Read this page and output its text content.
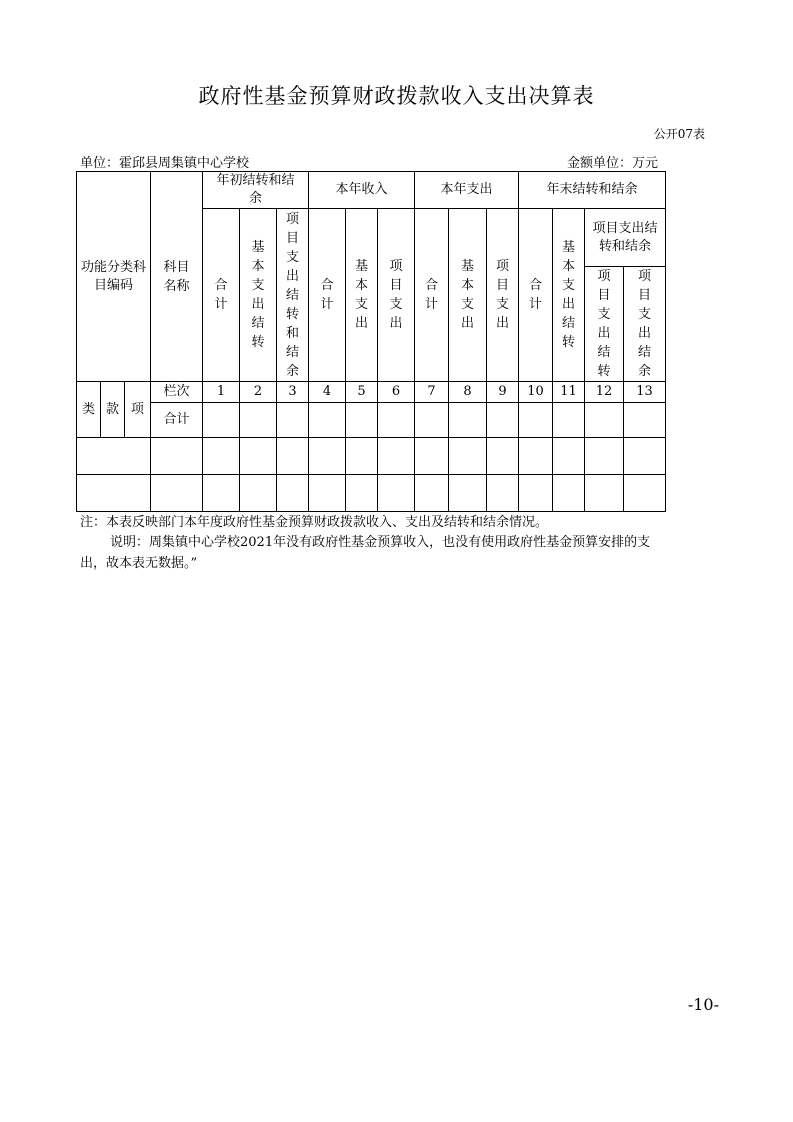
政府性基金预算财政拨款收入支出决算表
公开07表
单位：霍邱县周集镇中心学校	金额单位：万元
功能分类科目编码			科目名称	年初结转和结余			本年收入			本年支出			年末结转和结余			
				合计	基本支出结转	项目支出结转和结余	合计	基本支出	项目支出	合计	基本支出	项目支出	合计	基本支出结转	项目支出结转和结余	
															项目支出结转	项目支出结余
类	款	项	栏次	1	2	3	4	5	6	7	8	9	10	11	12	13
			合计													

注：本表反映部门本年度政府性基金预算财政拨款收入、支出及结转和结余情况。
说明：周集镇中心学校2021年没有政府性基金预算收入，也没有使用政府性基金预算安排的支出，故本表无数据。”
-10-
